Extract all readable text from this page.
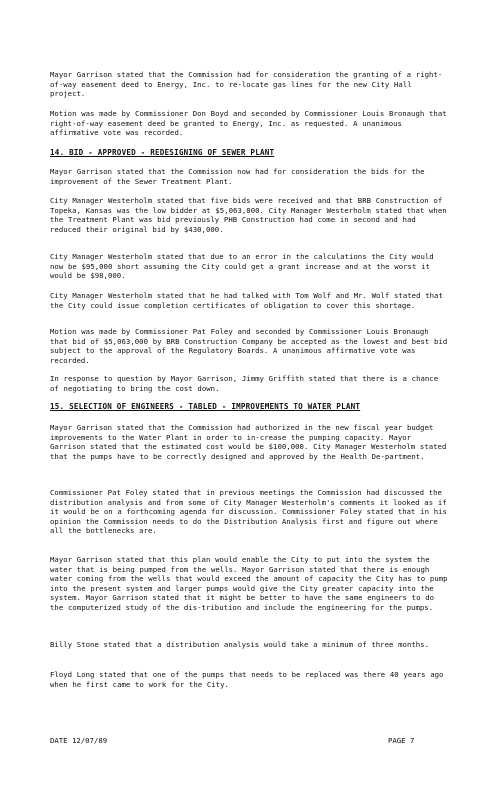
Mayor Garrison stated that the Commission had for consideration the granting of a right-of-way easement deed to Energy, Inc. to re-locate gas lines for the new City Hall project.

Motion was made by Commissioner Don Boyd and seconded by Commissioner Louis Bronaugh that right-of-way easement deed be granted to Energy, Inc. as requested. A unanimous affirmative vote was recorded.

14. BID - APPROVED - REDESIGNING OF SEWER PLANT

Mayor Garrison stated that the Commission now had for consideration the bids for the improvement of the Sewer Treatment Plant.

City Manager Westerholm stated that five bids were received and that BRB Construction of Topeka, Kansas was the low bidder at $5,063,000. City Manager Westerholm stated that when the Treatment Plant was bid previously PHB Construction had come in second and had reduced their original bid by $430,000.

City Manager Westerholm stated that due to an error in the calculations the City would now be $95,000 short assuming the City could get a grant increase and at the worst it would be $98,000.

City Manager Westerholm stated that he had talked with Tom Wolf and Mr. Wolf stated that the City could issue completion certificates of obligation to cover this shortage.

Motion was made by Commissioner Pat Foley and seconded by Commissioner Louis Bronaugh that bid of $5,063,000 by BRB Construction Company be accepted as the lowest and best bid subject to the approval of the Regulatory Boards. A unanimous affirmative vote was recorded.

In response to question by Mayor Garrison, Jimmy Griffith stated that there is a chance of negotiating to bring the cost down.

15. SELECTION OF ENGINEERS - TABLED - IMPROVEMENTS TO WATER PLANT

Mayor Garrison stated that the Commission had authorized in the new fiscal year budget improvements to the Water Plant in order to in-crease the pumping capacity. Mayor Garrison stated that the estimated cost would be $100,000. City Manager Westerholm stated that the pumps have to be correctly designed and approved by the Health De-partment.

Commissioner Pat Foley stated that in previous meetings the Commission had discussed the distribution analysis and from some of City Manager Westerholm's comments it looked as if it would be on a forthcoming agenda for discussion. Commissioner Foley stated that in his opinion the Commission needs to do the Distribution Analysis first and figure out where all the bottlenecks are.

Mayor Garrison stated that this plan would enable the City to put into the system the water that is being pumped from the wells. Mayor Garrison stated that there is enough water coming from the wells that would exceed the amount of capacity the City has to pump into the present system and larger pumps would give the City greater capacity into the system. Mayor Garrison stated that it might be better to have the same engineers to do the computerized study of the dis-tribution and include the engineering for the pumps.

Billy Stone stated that a distribution analysis would take a minimum of three months.

Floyd Long stated that one of the pumps that needs to be replaced was there 40 years ago when he first came to work for the City.

DATE 12/07/89	PAGE 7
